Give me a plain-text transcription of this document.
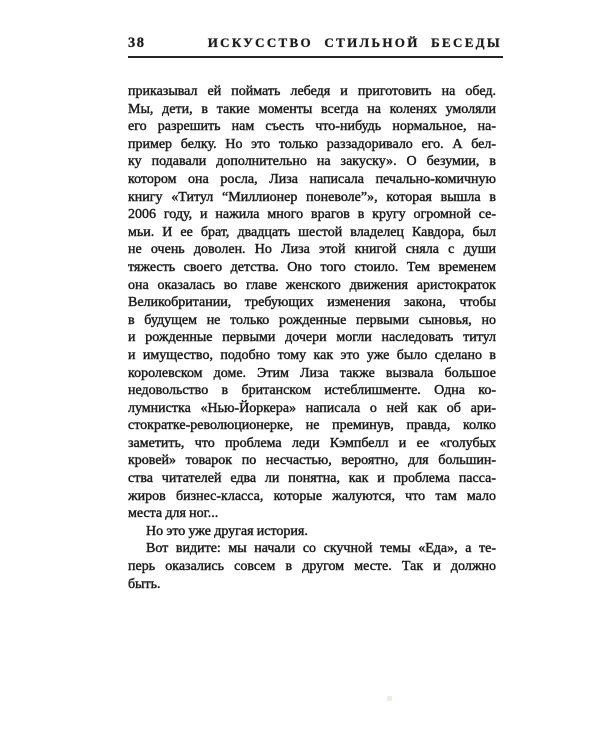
38	ИСКУССТВО СТИЛЬНОЙ БЕСЕДЫ
приказывал ей поймать лебедя и приготовить на обед.
Мы, дети, в такие моменты всегда на коленях умоляли
его разрешить нам съесть что-нибудь нормальное, на-
пример белку. Но это только раззадоривало его. А бел-
ку подавали дополнительно на закуску». О безумии, в
котором она росла, Лиза написала печально-комичную
книгу «Титул “Миллионер поневоле”», которая вышла в
2006 году, и нажила много врагов в кругу огромной се-
мьи. И ее брат, двадцать шестой владелец Кавдора, был
не очень доволен. Но Лиза этой книгой сняла с души
тяжесть своего детства. Оно того стоило. Тем временем
она оказалась во главе женского движения аристократок
Великобритании, требующих изменения закона, чтобы
в будущем не только рожденные первыми сыновья, но
и рожденные первыми дочери могли наследовать титул
и имущество, подобно тому как это уже было сделано в
королевском доме. Этим Лиза также вызвала большое
недовольство в британском истеблишменте. Одна ко-
лумнистка «Нью-Йоркера» написала о ней как об ари-
стократке-революционерке, не преминув, правда, колко
заметить, что проблема леди Кэмпбелл и ее «голубых
кровей» товарок по несчастью, вероятно, для большин-
ства читателей едва ли понятна, как и проблема пасса-
жиров бизнес-класса, которые жалуются, что там мало
места для ног...
Но это уже другая история.
Вот видите: мы начали со скучной темы «Еда», а те-
перь оказались совсем в другом месте. Так и должно
быть.
